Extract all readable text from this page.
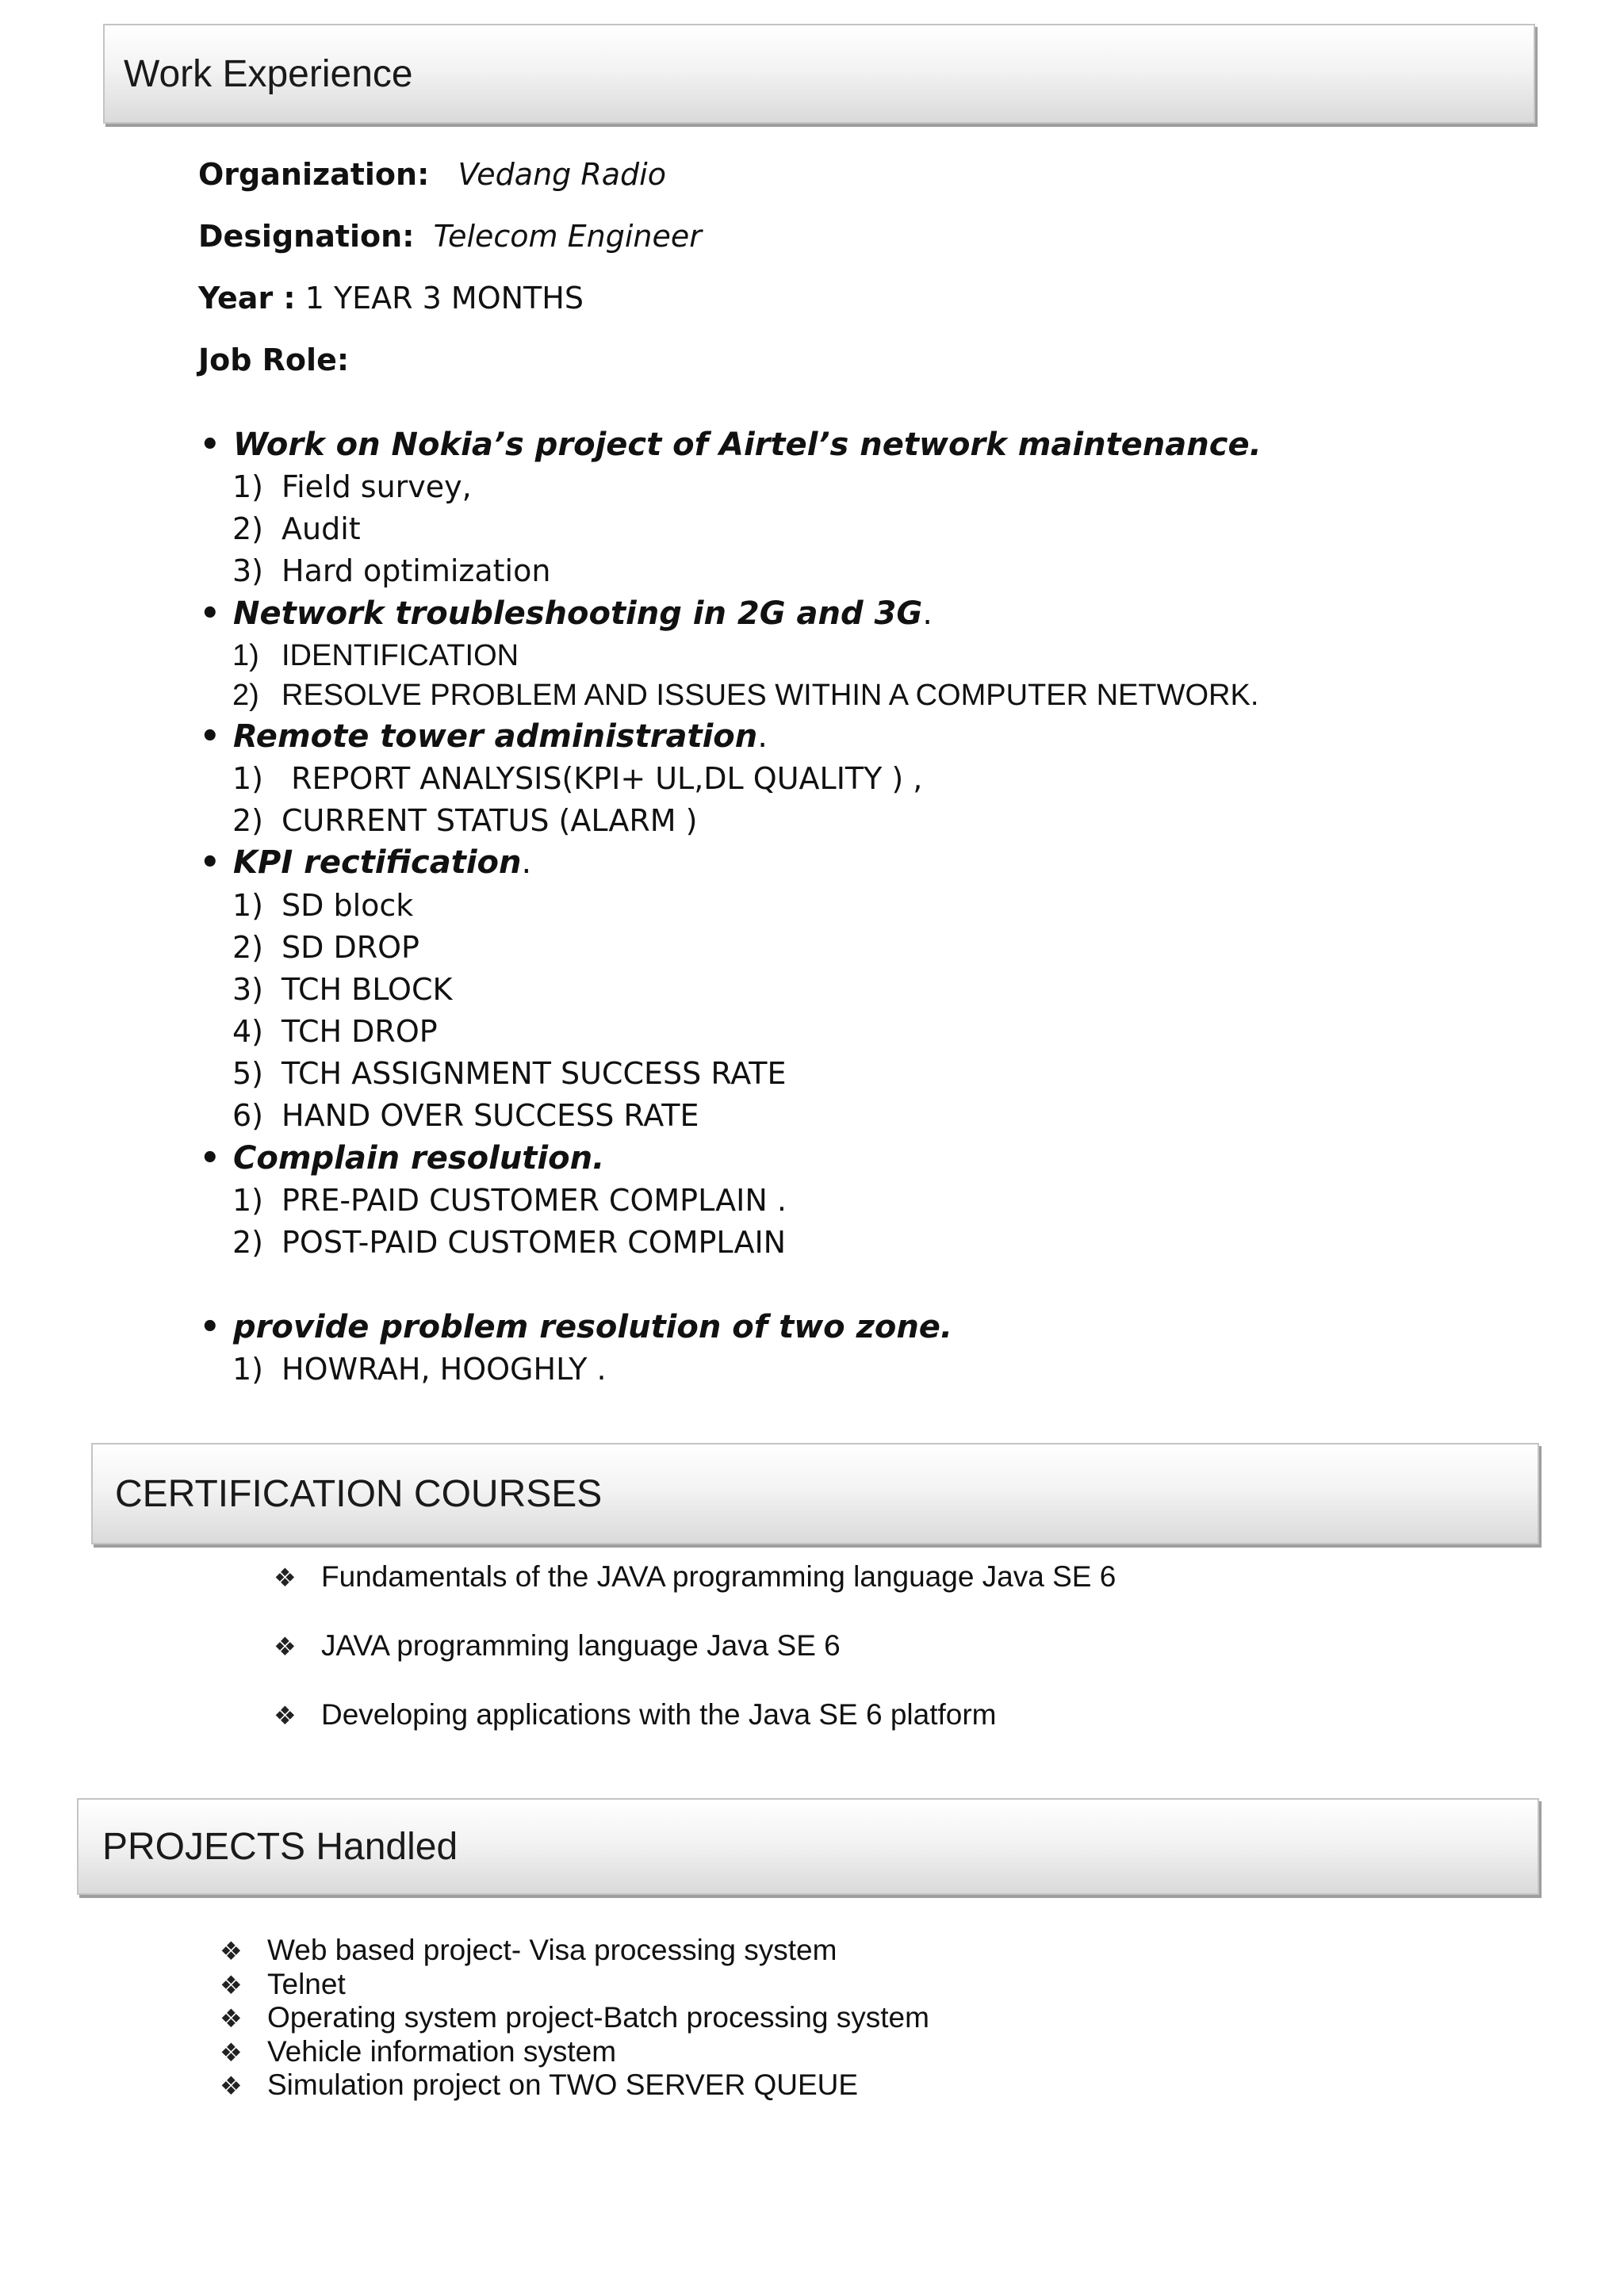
Work Experience
Organization: Vedang Radio
Designation: Telecom Engineer
Year : 1 YEAR 3 MONTHS
Job Role:
• Work on Nokia’s project of Airtel’s network maintenance.
1) Field survey,
2) Audit
3) Hard optimization
• Network troubleshooting in 2G and 3G.
1) IDENTIFICATION
2) RESOLVE PROBLEM AND ISSUES WITHIN A COMPUTER NETWORK.
• Remote tower administration.
1) REPORT ANALYSIS(KPI+ UL,DL QUALITY ) ,
2) CURRENT STATUS (ALARM )
• KPI rectification.
1) SD block
2) SD DROP
3) TCH BLOCK
4) TCH DROP
5) TCH ASSIGNMENT SUCCESS RATE
6) HAND OVER SUCCESS RATE
• Complain resolution.
1) PRE-PAID CUSTOMER COMPLAIN .
2) POST-PAID CUSTOMER COMPLAIN
• provide problem resolution of two zone.
1) HOWRAH, HOOGHLY .
CERTIFICATION COURSES
❖ Fundamentals of the JAVA programming language Java SE 6
❖ JAVA programming language Java SE 6
❖ Developing applications with the Java SE 6 platform
PROJECTS Handled
❖ Web based project- Visa processing system
❖ Telnet
❖ Operating system project-Batch processing system
❖ Vehicle information system
❖ Simulation project on TWO SERVER QUEUE
